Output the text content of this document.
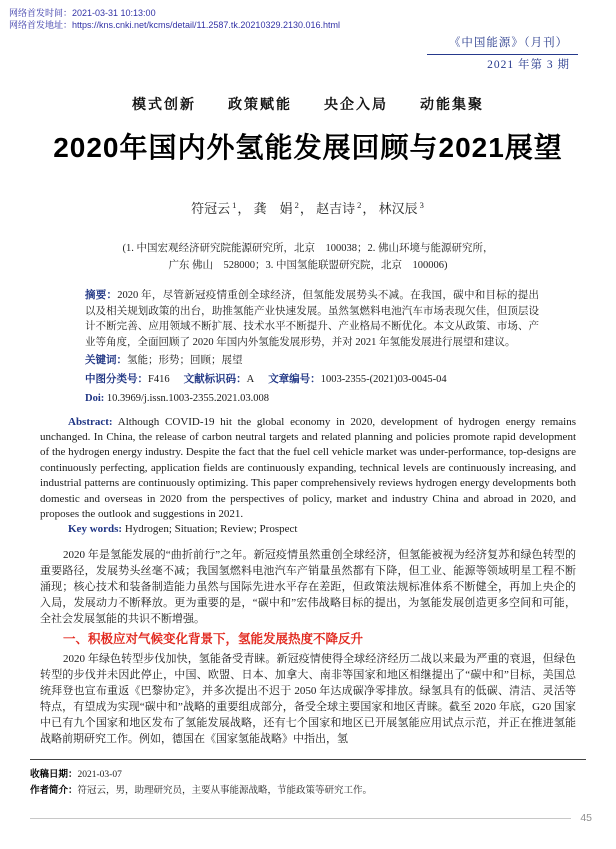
网络首发时间：2021-03-31 10:13:00
网络首发地址：https://kns.cnki.net/kcms/detail/11.2587.tk.20210329.2130.016.html
《中国能源》（月刊）
2021 年第 3 期
模式创新　　政策赋能　　央企入局　　动能集聚
2020年国内外氢能发展回顾与2021展望
符冠云 $^1$， 龚　娟 $^2$， 赵吉诗 $^2$， 林汉辰 $^3$
(1. 中国宏观经济研究院能源研究所，北京　100038；2. 佛山环境与能源研究所，
广东 佛山　528000；3. 中国氢能联盟研究院，北京　100006)

摘要：2020 年，尽管新冠疫情重创全球经济，但氢能发展势头不减。在我国，碳中和目标的提出以及相关规划政策的出台，助推氢能产业快速发展。虽然氢燃料电池汽车市场表现欠佳，但顶层设计不断完善、应用领域不断扩展、技术水平不断提升、产业格局不断优化。本文从政策、市场、产业等角度，全面回顾了 2020 年国内外氢能发展形势，并对 2021 年氢能发展进行展望和建议。

关键词：氢能；形势；回顾；展望

中图分类号：F416 文献标识码：A 文章编号：1003-2355-(2021)03-0045-04

Doi: 10.3969/j.issn.1003-2355.2021.03.008

Abstract: Although COVID-19 hit the global economy in 2020, development of hydrogen energy remains unchanged. In China, the release of carbon neutral targets and related planning and policies promote rapid development of the hydrogen energy industry. Despite the fact that the fuel cell vehicle market was under-performance, top-designs are continuously perfecting, application fields are continuously expanding, technical levels are continuously increasing, and industrial patterns are continuously optimizing. This paper comprehensively reviews hydrogen energy developments both domestic and overseas in 2020 from the perspectives of policy, market and industry China and abroad in 2020, and proposes the outlook and suggestions in 2021.

Key words: Hydrogen; Situation; Review; Prospect

2020 年是氢能发展的“曲折前行”之年。新冠疫情虽然重创全球经济，但氢能被视为经济复苏和绿色转型的重要路径，发展势头丝毫不减；我国氢燃料电池汽车产销量虽然都有下降，但工业、能源等领域明星工程不断涌现；核心技术和装备制造能力虽然与国际先进水平存在差距，但政策法规标准体系不断健全，再加上央企的入局，发展动力不断释放。更为重要的是，“碳中和”宏伟战略目标的提出，为氢能发展创造更多空间和可能，全社会发展氢能的共识不断增强。

一、积极应对气候变化背景下，氢能发展热度不降反升

2020 年绿色转型步伐加快，氢能备受青睐。新冠疫情使得全球经济经历二战以来最为严重的衰退，但绿色转型的步伐并未因此停止，中国、欧盟、日本、加拿大、南非等国家和地区相继提出了“碳中和”目标，美国总统拜登也宣布重返《巴黎协定》，并多次提出不迟于 2050 年达成碳净零排放。绿氢具有的低碳、清洁、灵活等特点，有望成为实现“碳中和”战略的重要组成部分，备受全球主要国家和地区青睐。截至 2020 年底，G20 国家中已有九个国家和地区发布了氢能发展战略，还有七个国家和地区已开展氢能应用试点示范，并正在推进氢能战略前期研究工作。例如，德国在《国家氢能战略》中指出，氢

收稿日期：2021-03-07
作者简介：符冠云，男，助理研究员，主要从事能源战略，节能政策等研究工作。
45
